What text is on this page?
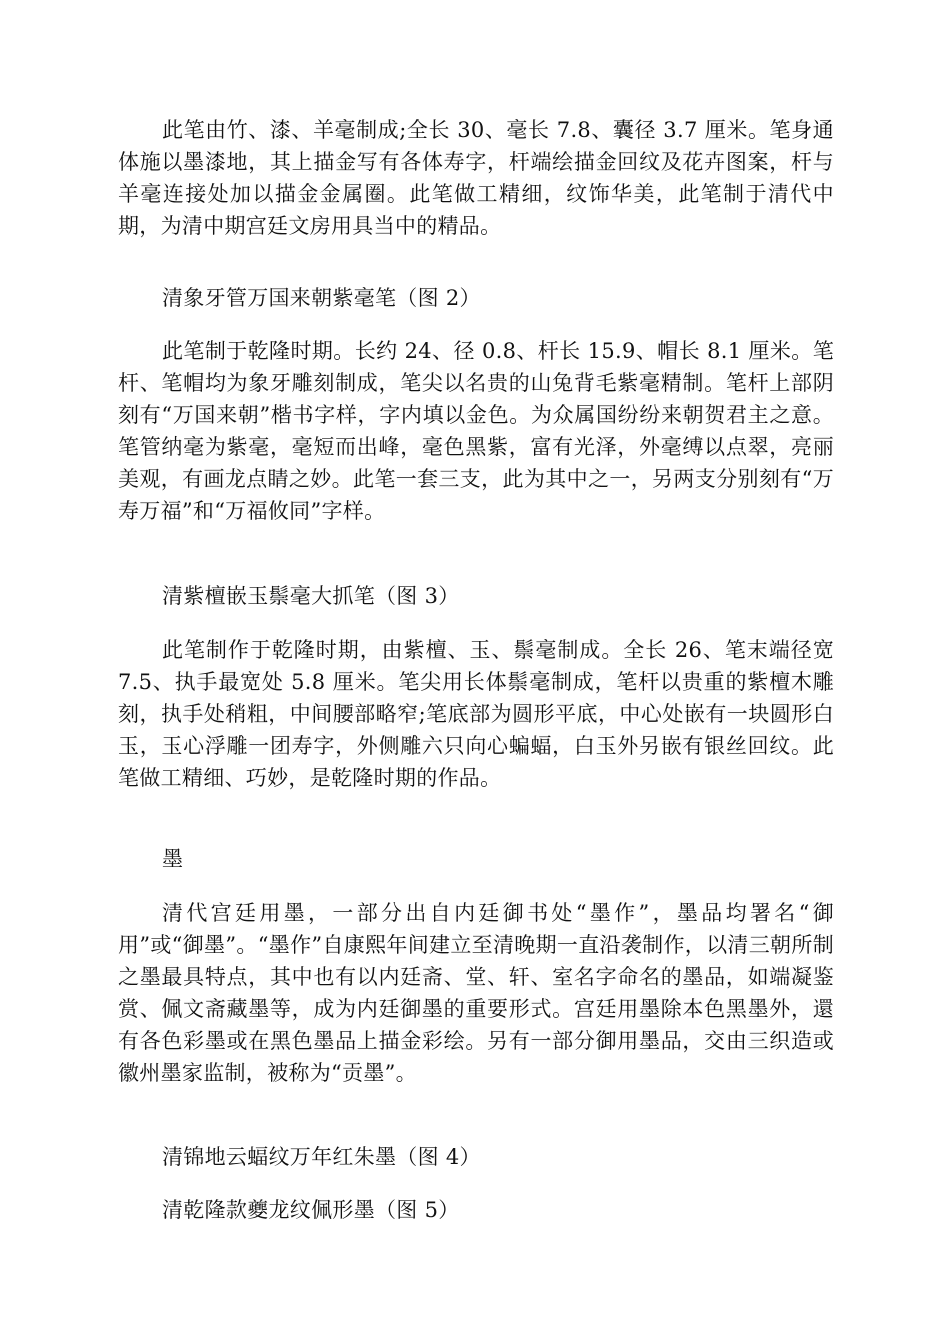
此笔由竹、漆、羊毫制成;全长 30、毫长 7.8、囊径 3.7 厘米。笔身通体施以墨漆地，其上描金写有各体寿字，杆端绘描金回纹及花卉图案，杆与羊毫连接处加以描金金属圈。此笔做工精细，纹饰华美，此笔制于清代中期，为清中期宫廷文房用具当中的精品。

清象牙管万国来朝紫毫笔（图 2）

此笔制于乾隆时期。长约 24、径 0.8、杆长 15.9、帽长 8.1 厘米。笔杆、笔帽均为象牙雕刻制成，笔尖以名贵的山兔背毛紫毫精制。笔杆上部阴刻有“万国来朝”楷书字样，字内填以金色。为众属国纷纷来朝贺君主之意。笔管纳毫为紫毫，毫短而出峰，毫色黑紫，富有光泽，外毫缚以点翠，亮丽美观，有画龙点睛之妙。此笔一套三支，此为其中之一，另两支分别刻有“万寿万福”和“万福攸同”字样。

清紫檀嵌玉鬃毫大抓笔（图 3）

此笔制作于乾隆时期，由紫檀、玉、鬃毫制成。全长 26、笔末端径宽 7.5、执手最宽处 5.8 厘米。笔尖用长体鬃毫制成，笔杆以贵重的紫檀木雕刻，执手处稍粗，中间腰部略窄;笔底部为圆形平底，中心处嵌有一块圆形白玉，玉心浮雕一团寿字，外侧雕六只向心蝙蝠，白玉外另嵌有银丝回纹。此笔做工精细、巧妙，是乾隆时期的作品。

墨

清代宫廷用墨，一部分出自内廷御书处“墨作”，墨品均署名“御用”或“御墨”。“墨作”自康熙年间建立至清晚期一直沿袭制作，以清三朝所制之墨最具特点，其中也有以内廷斋、堂、轩、室名字命名的墨品，如端凝鉴赏、佩文斋藏墨等，成为内廷御墨的重要形式。宫廷用墨除本色黑墨外，還有各色彩墨或在黑色墨品上描金彩绘。另有一部分御用墨品，交由三织造或徽州墨家监制，被称为“贡墨”。

清锦地云蝠纹万年红朱墨（图 4）

清乾隆款夔龙纹佩形墨（图 5）
